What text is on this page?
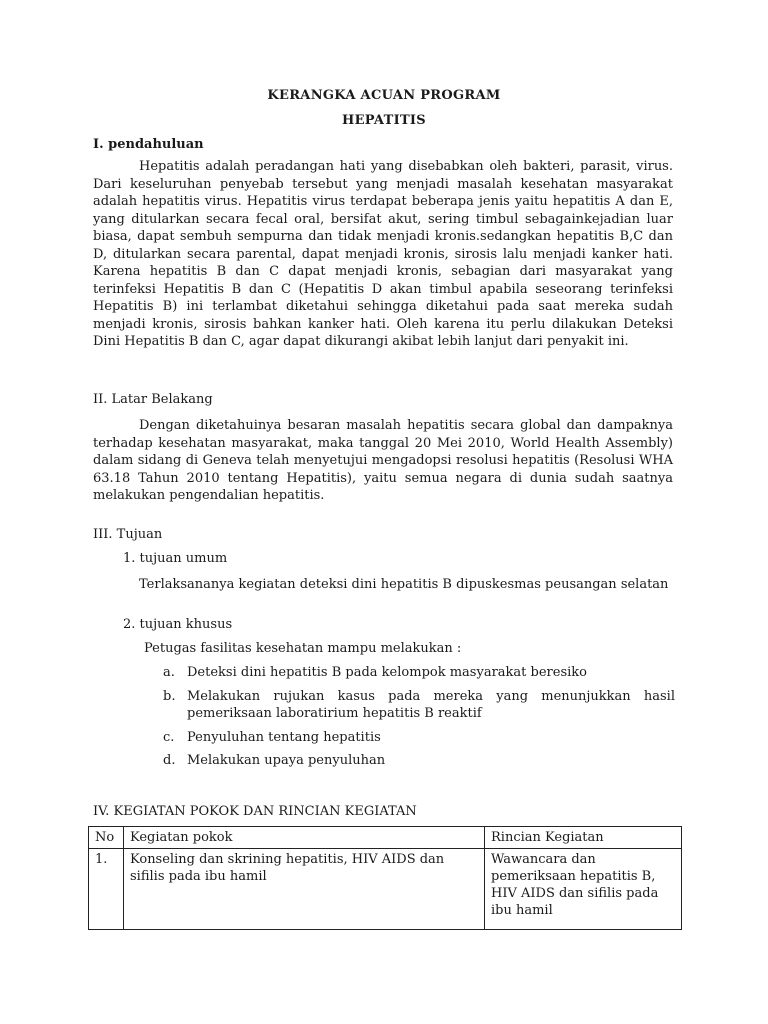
KERANGKA ACUAN PROGRAM
HEPATITIS
I. pendahuluan

Hepatitis adalah peradangan hati yang disebabkan oleh bakteri, parasit, virus. Dari keseluruhan penyebab tersebut yang menjadi masalah kesehatan masyarakat adalah hepatitis virus. Hepatitis virus terdapat beberapa jenis yaitu hepatitis A dan E, yang ditularkan secara fecal oral, bersifat akut, sering timbul sebagainkejadian luar biasa, dapat sembuh sempurna dan tidak menjadi kronis.sedangkan hepatitis B,C dan D, ditularkan secara parental, dapat menjadi kronis, sirosis lalu menjadi kanker hati. Karena hepatitis B dan C dapat menjadi kronis, sebagian dari masyarakat yang terinfeksi Hepatitis B dan C (Hepatitis D akan timbul apabila seseorang terinfeksi Hepatitis B) ini terlambat diketahui sehingga diketahui pada saat mereka sudah menjadi kronis, sirosis bahkan kanker hati. Oleh karena itu perlu dilakukan Deteksi Dini Hepatitis B dan C, agar dapat dikurangi akibat lebih lanjut dari penyakit ini.

II. Latar Belakang

Dengan diketahuinya besaran masalah hepatitis secara global dan dampaknya terhadap kesehatan masyarakat, maka tanggal 20 Mei 2010, World Health Assembly) dalam sidang di Geneva telah menyetujui mengadopsi resolusi hepatitis (Resolusi WHA 63.18 Tahun 2010 tentang Hepatitis), yaitu semua negara di dunia sudah saatnya melakukan pengendalian hepatitis.

III. Tujuan
1. tujuan umum

Terlaksananya kegiatan deteksi dini hepatitis B dipuskesmas peusangan selatan

2. tujuan khusus
Petugas fasilitas kesehatan mampu melakukan :
a. Deteksi dini hepatitis B pada kelompok masyarakat beresiko
b. Melakukan rujukan kasus pada mereka yang menunjukkan hasil pemeriksaan laboratirium hepatitis B reaktif
c. Penyuluhan tentang hepatitis
d. Melakukan upaya penyuluhan
IV. KEGIATAN POKOK DAN RINCIAN KEGIATAN
No	Kegiatan pokok	Rincian Kegiatan
1.	Konseling dan skrining hepatitis, HIV AIDS dan sifilis pada ibu hamil	Wawancara dan pemeriksaan hepatitis B, HIV AIDS dan sifilis pada ibu hamil
